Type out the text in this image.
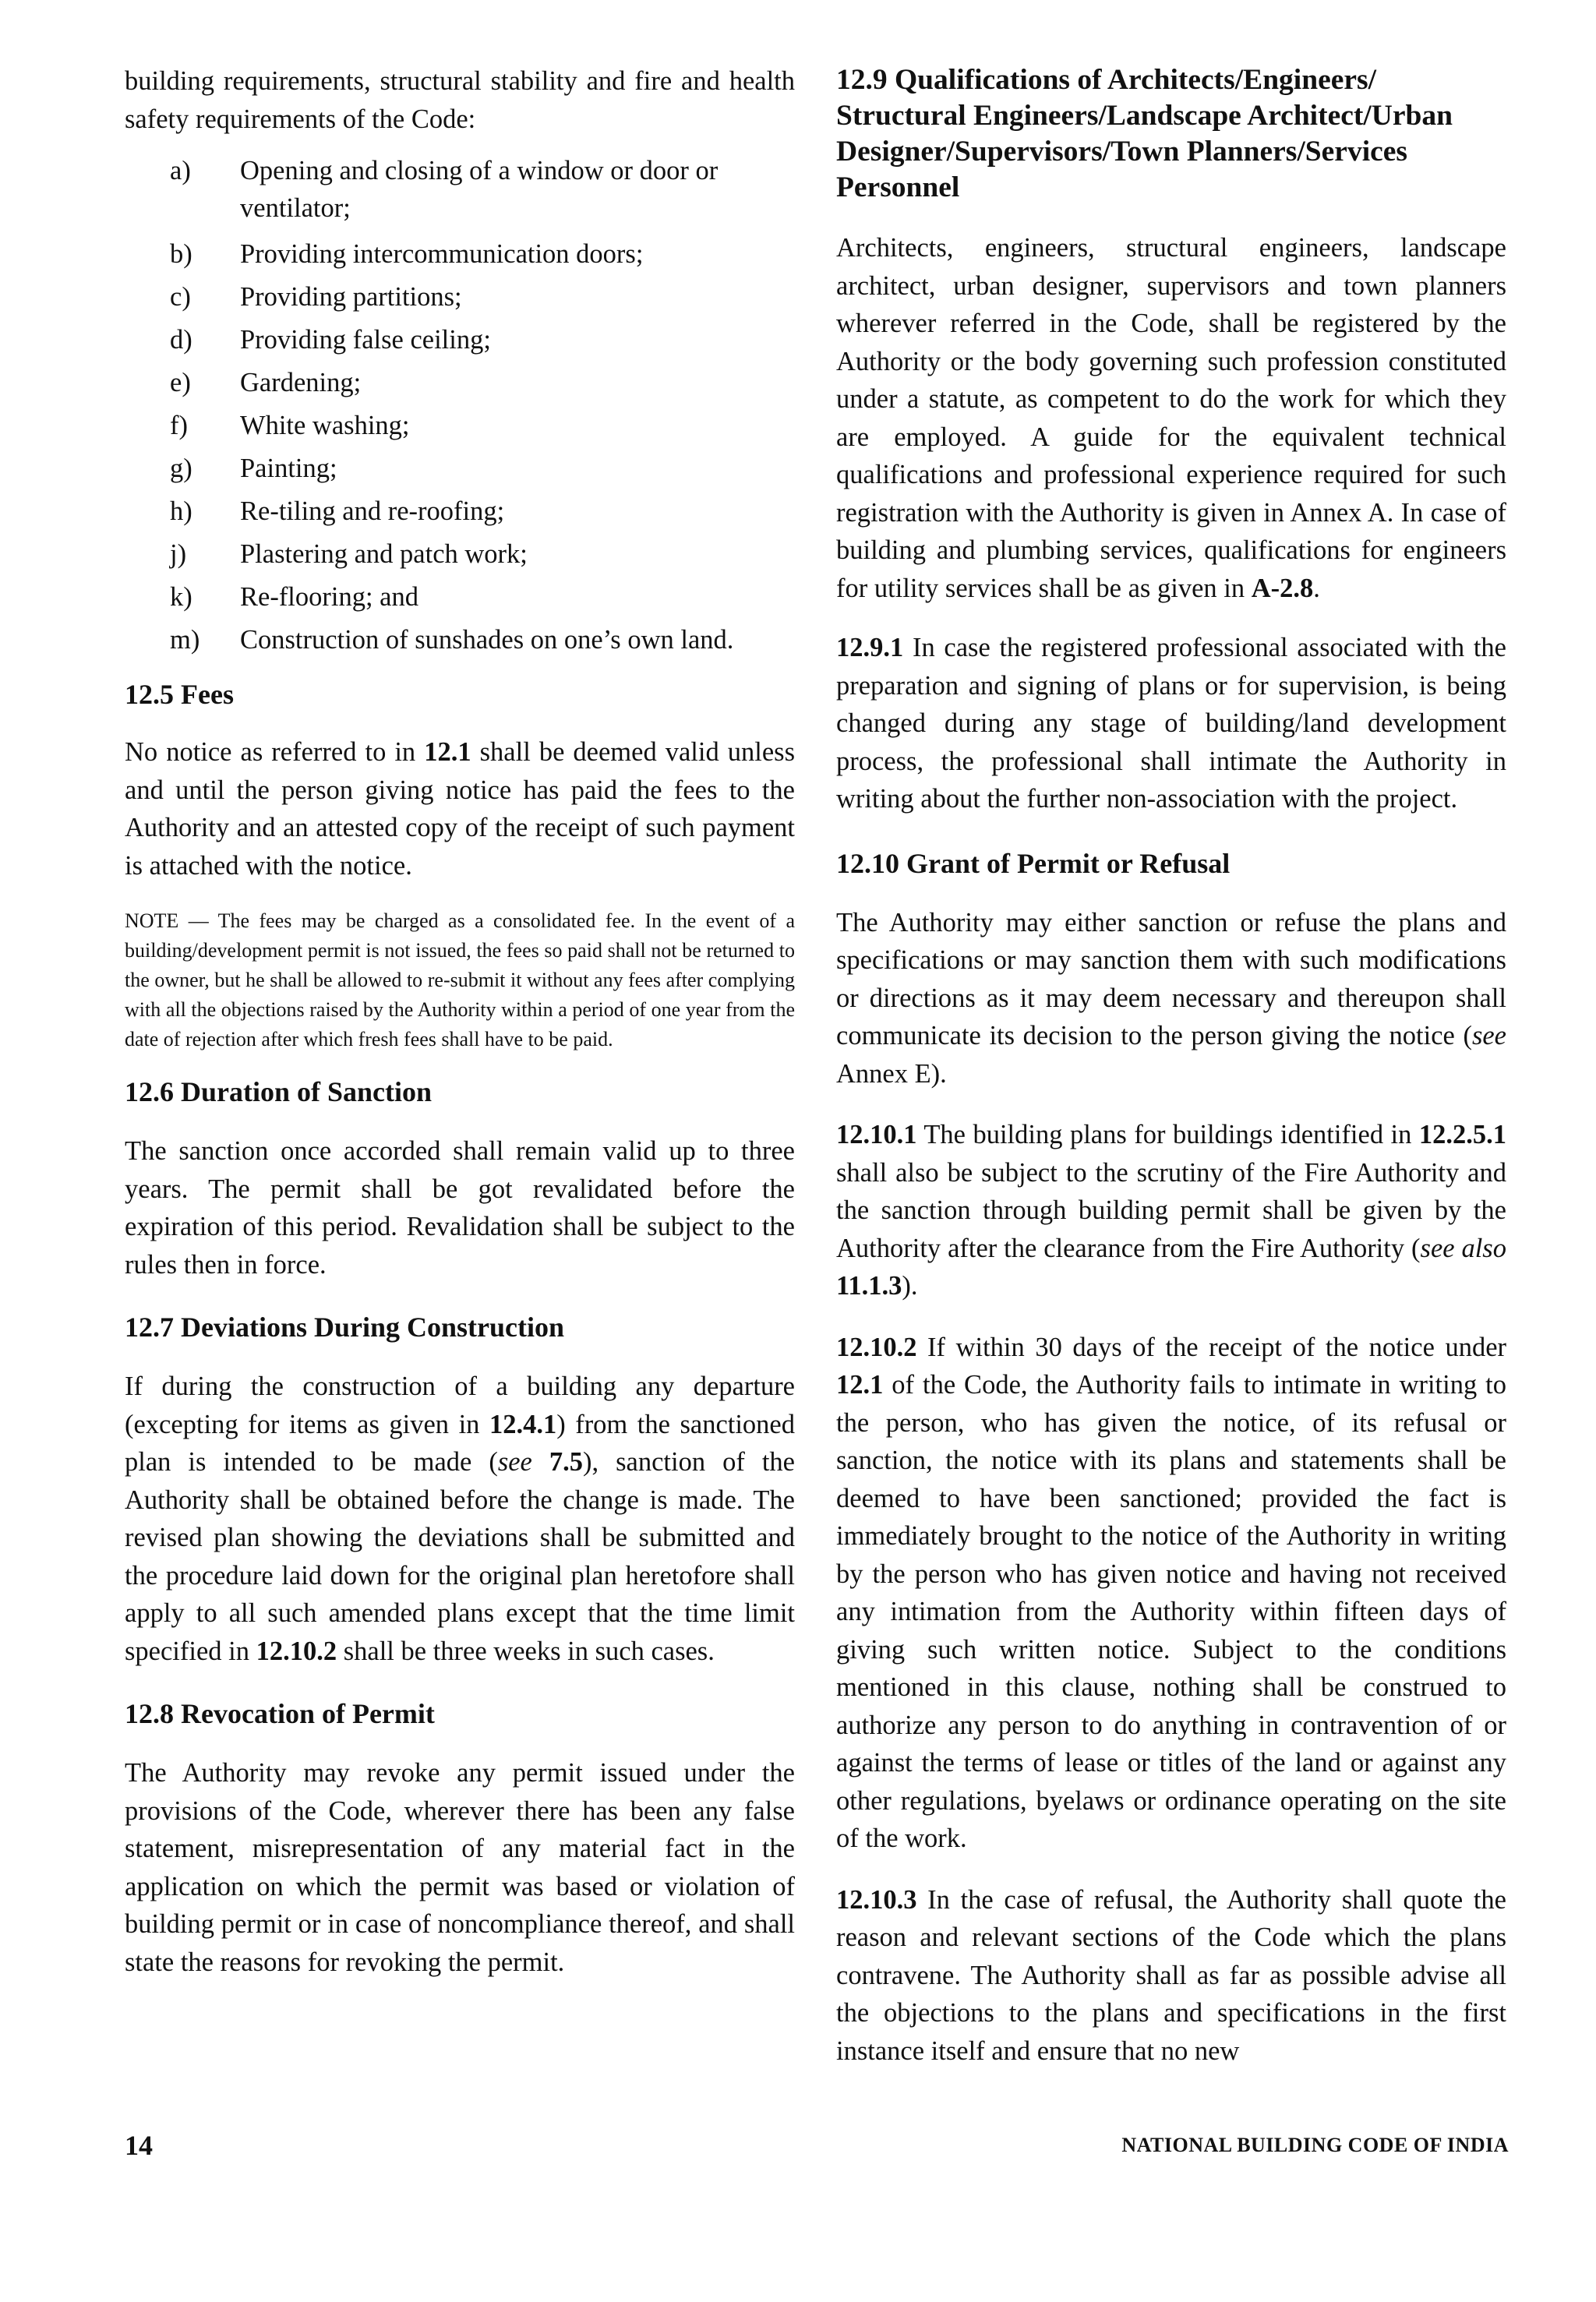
building requirements, structural stability and fire and health safety requirements of the Code:

a)	Opening and closing of a window or door or ventilator;
b)	Providing intercommunication doors;
c)	Providing partitions;
d)	Providing false ceiling;
e)	Gardening;
f)	White washing;
g)	Painting;
h)	Re-tiling and re-roofing;
j)	Plastering and patch work;
k)	Re-flooring; and
m)	Construction of sunshades on one’s own land.
12.5 Fees

No notice as referred to in 12.1 shall be deemed valid unless and until the person giving notice has paid the fees to the Authority and an attested copy of the receipt of such payment is attached with the notice.

NOTE — The fees may be charged as a consolidated fee. In the event of a building/development permit is not issued, the fees so paid shall not be returned to the owner, but he shall be allowed to re-submit it without any fees after complying with all the objections raised by the Authority within a period of one year from the date of rejection after which fresh fees shall have to be paid.

12.6 Duration of Sanction

The sanction once accorded shall remain valid up to three years. The permit shall be got revalidated before the expiration of this period. Revalidation shall be subject to the rules then in force.

12.7 Deviations During Construction

If during the construction of a building any departure (excepting for items as given in 12.4.1) from the sanctioned plan is intended to be made (see 7.5), sanction of the Authority shall be obtained before the change is made. The revised plan showing the deviations shall be submitted and the procedure laid down for the original plan heretofore shall apply to all such amended plans except that the time limit specified in 12.10.2 shall be three weeks in such cases.

12.8 Revocation of Permit

The Authority may revoke any permit issued under the provisions of the Code, wherever there has been any false statement, misrepresentation of any material fact in the application on which the permit was based or violation of building permit or in case of noncompliance thereof, and shall state the reasons for revoking the permit.

12.9 Qualifications of Architects/Engineers/ Structural Engineers/Landscape Architect/Urban Designer/Supervisors/Town Planners/Services Personnel

Architects, engineers, structural engineers, landscape architect, urban designer, supervisors and town planners wherever referred in the Code, shall be registered by the Authority or the body governing such profession constituted under a statute, as competent to do the work for which they are employed. A guide for the equivalent technical qualifications and professional experience required for such registration with the Authority is given in Annex A. In case of building and plumbing services, qualifications for engineers for utility services shall be as given in A-2.8.

12.9.1 In case the registered professional associated with the preparation and signing of plans or for supervision, is being changed during any stage of building/land development process, the professional shall intimate the Authority in writing about the further non-association with the project.

12.10 Grant of Permit or Refusal

The Authority may either sanction or refuse the plans and specifications or may sanction them with such modifications or directions as it may deem necessary and thereupon shall communicate its decision to the person giving the notice (see Annex E).

12.10.1 The building plans for buildings identified in 12.2.5.1 shall also be subject to the scrutiny of the Fire Authority and the sanction through building permit shall be given by the Authority after the clearance from the Fire Authority (see also 11.1.3).

12.10.2 If within 30 days of the receipt of the notice under 12.1 of the Code, the Authority fails to intimate in writing to the person, who has given the notice, of its refusal or sanction, the notice with its plans and statements shall be deemed to have been sanctioned; provided the fact is immediately brought to the notice of the Authority in writing by the person who has given notice and having not received any intimation from the Authority within fifteen days of giving such written notice. Subject to the conditions mentioned in this clause, nothing shall be construed to authorize any person to do anything in contravention of or against the terms of lease or titles of the land or against any other regulations, byelaws or ordinance operating on the site of the work.

12.10.3 In the case of refusal, the Authority shall quote the reason and relevant sections of the Code which the plans contravene. The Authority shall as far as possible advise all the objections to the plans and specifications in the first instance itself and ensure that no new

14	NATIONAL BUILDING CODE OF INDIA
